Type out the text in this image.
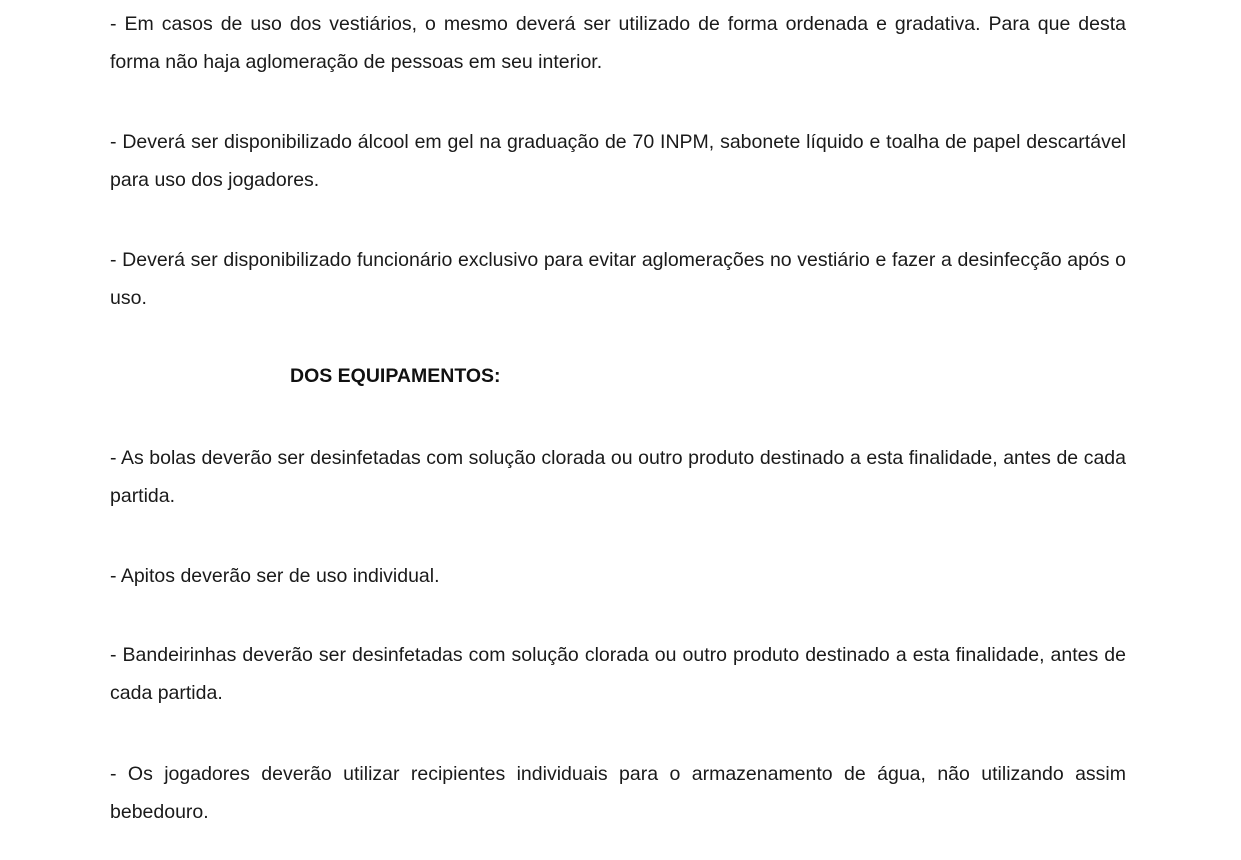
- Em casos de uso dos vestiários, o mesmo deverá ser utilizado de forma ordenada e gradativa. Para que desta forma não haja aglomeração de pessoas em seu interior.

- Deverá ser disponibilizado álcool em gel na graduação de 70 INPM, sabonete líquido e toalha de papel descartável para uso dos jogadores.

- Deverá ser disponibilizado funcionário exclusivo para evitar aglomerações no vestiário e fazer a desinfecção após o uso.

DOS EQUIPAMENTOS:

- As bolas deverão ser desinfetadas com solução clorada ou outro produto destinado a esta finalidade, antes de cada partida.

- Apitos deverão ser de uso individual.

- Bandeirinhas deverão ser desinfetadas com solução clorada ou outro produto destinado a esta finalidade, antes de cada partida.

- Os jogadores deverão utilizar recipientes individuais para o armazenamento de água, não utilizando assim bebedouro.
